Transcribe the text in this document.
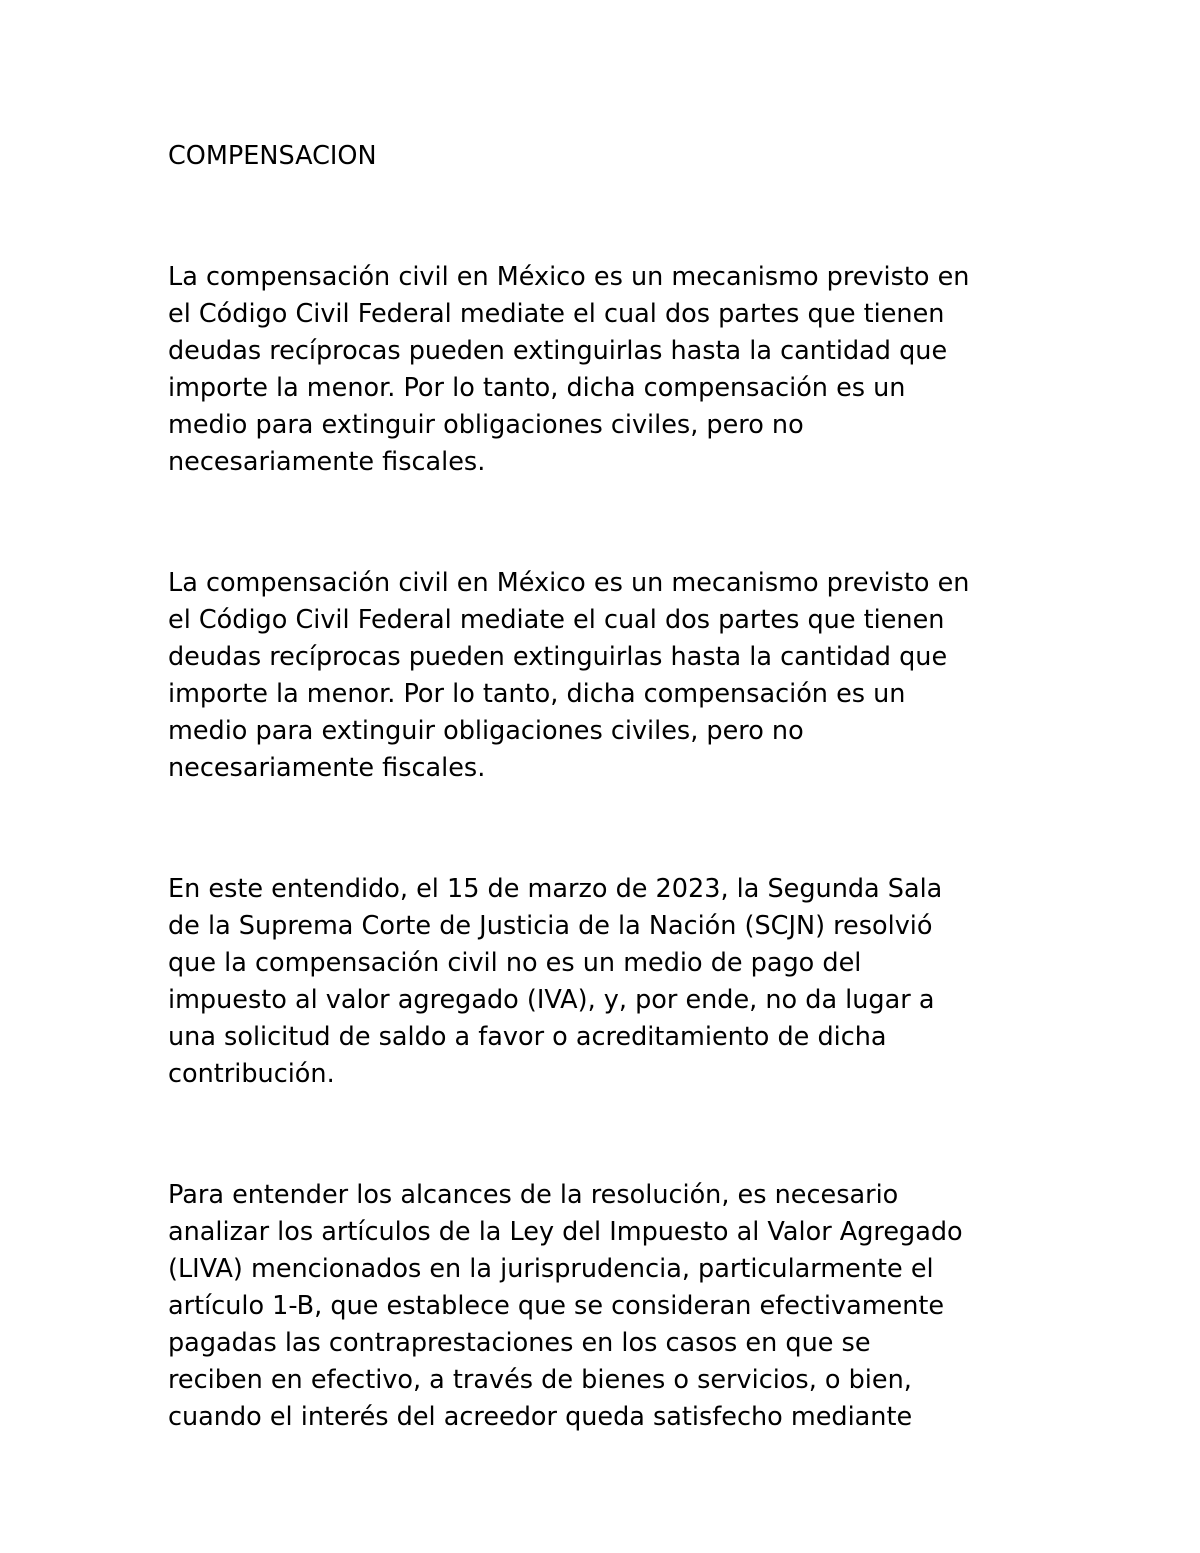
COMPENSACION
La compensación civil en México es un mecanismo previsto en
el Código Civil Federal mediate el cual dos partes que tienen
deudas recíprocas pueden extinguirlas hasta la cantidad que
importe la menor. Por lo tanto, dicha compensación es un
medio para extinguir obligaciones civiles, pero no
necesariamente fiscales.
La compensación civil en México es un mecanismo previsto en
el Código Civil Federal mediate el cual dos partes que tienen
deudas recíprocas pueden extinguirlas hasta la cantidad que
importe la menor. Por lo tanto, dicha compensación es un
medio para extinguir obligaciones civiles, pero no
necesariamente fiscales.
En este entendido, el 15 de marzo de 2023, la Segunda Sala
de la Suprema Corte de Justicia de la Nación (SCJN) resolvió
que la compensación civil no es un medio de pago del
impuesto al valor agregado (IVA), y, por ende, no da lugar a
una solicitud de saldo a favor o acreditamiento de dicha
contribución.
Para entender los alcances de la resolución, es necesario
analizar los artículos de la Ley del Impuesto al Valor Agregado
(LIVA) mencionados en la jurisprudencia, particularmente el
artículo 1-B, que establece que se consideran efectivamente
pagadas las contraprestaciones en los casos en que se
reciben en efectivo, a través de bienes o servicios, o bien,
cuando el interés del acreedor queda satisfecho mediante
